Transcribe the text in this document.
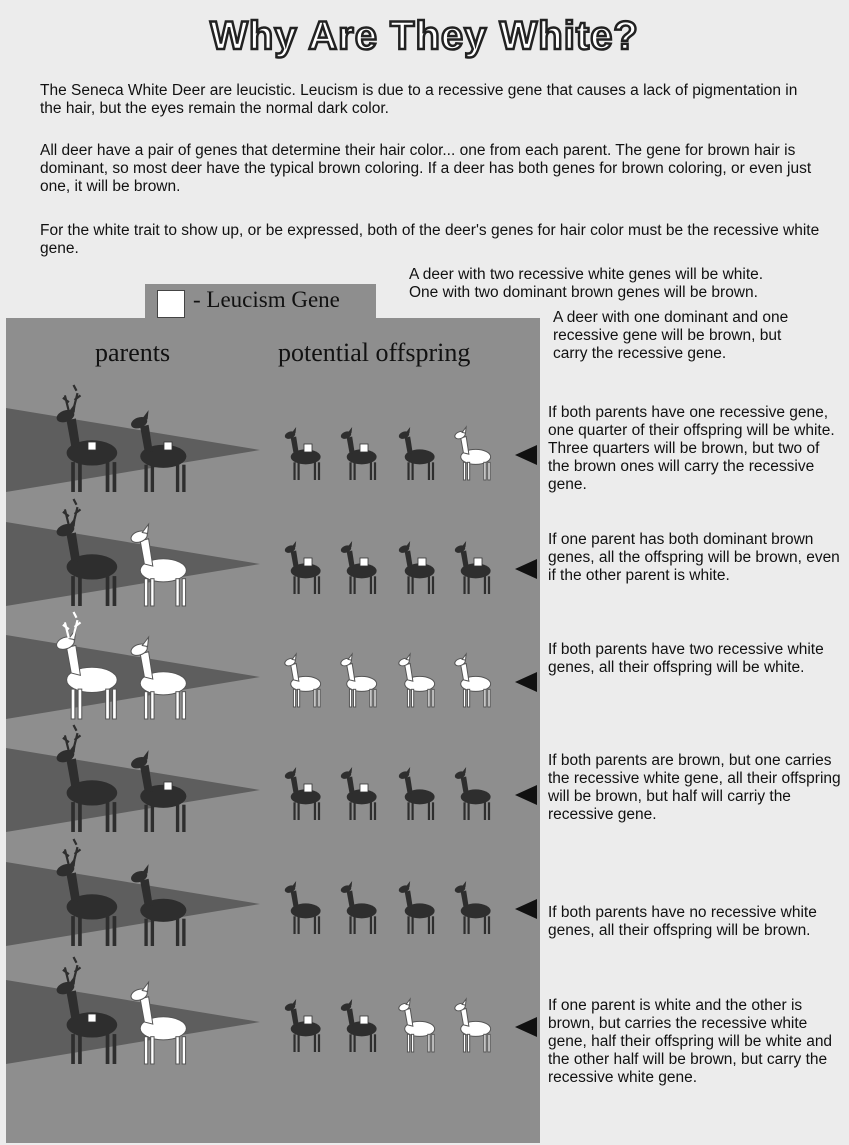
Why Are They White?
The Seneca White Deer are leucistic. Leucism is due to a recessive gene that causes a lack of pigmentation in the hair, but the eyes remain the normal dark color.
All deer have a pair of genes that determine their hair color... one from each parent. The gene for brown hair is dominant, so most deer have the typical brown coloring. If a deer has both genes for brown coloring, or even just one, it will be brown.
For the white trait to show up, or be expressed, both of the deer's genes for hair color must be the recessive white gene.
- Leucism Gene
parents	potential offspring
A deer with two recessive white genes will be white.
One with two dominant brown genes will be brown.
A deer with one dominant and one
recessive gene will be brown, but
carry the recessive gene.
If both parents have one recessive gene, one quarter of their offspring will be white. Three quarters will be brown, but two of the brown ones will carry the recessive gene.
If one parent has both dominant brown genes, all the offspring will be brown, even if the other parent is white.
If both parents have two recessive white genes, all their offspring will be white.
If both parents are brown, but one carries the recessive white gene, all their offspring will be brown, but half will carriy the recessive gene.
If both parents have no recessive white genes, all their offspring will be brown.
If one parent is white and the other is brown, but carries the recessive white gene, half their offspring will be white and the other half will be brown, but carry the recessive white gene.
